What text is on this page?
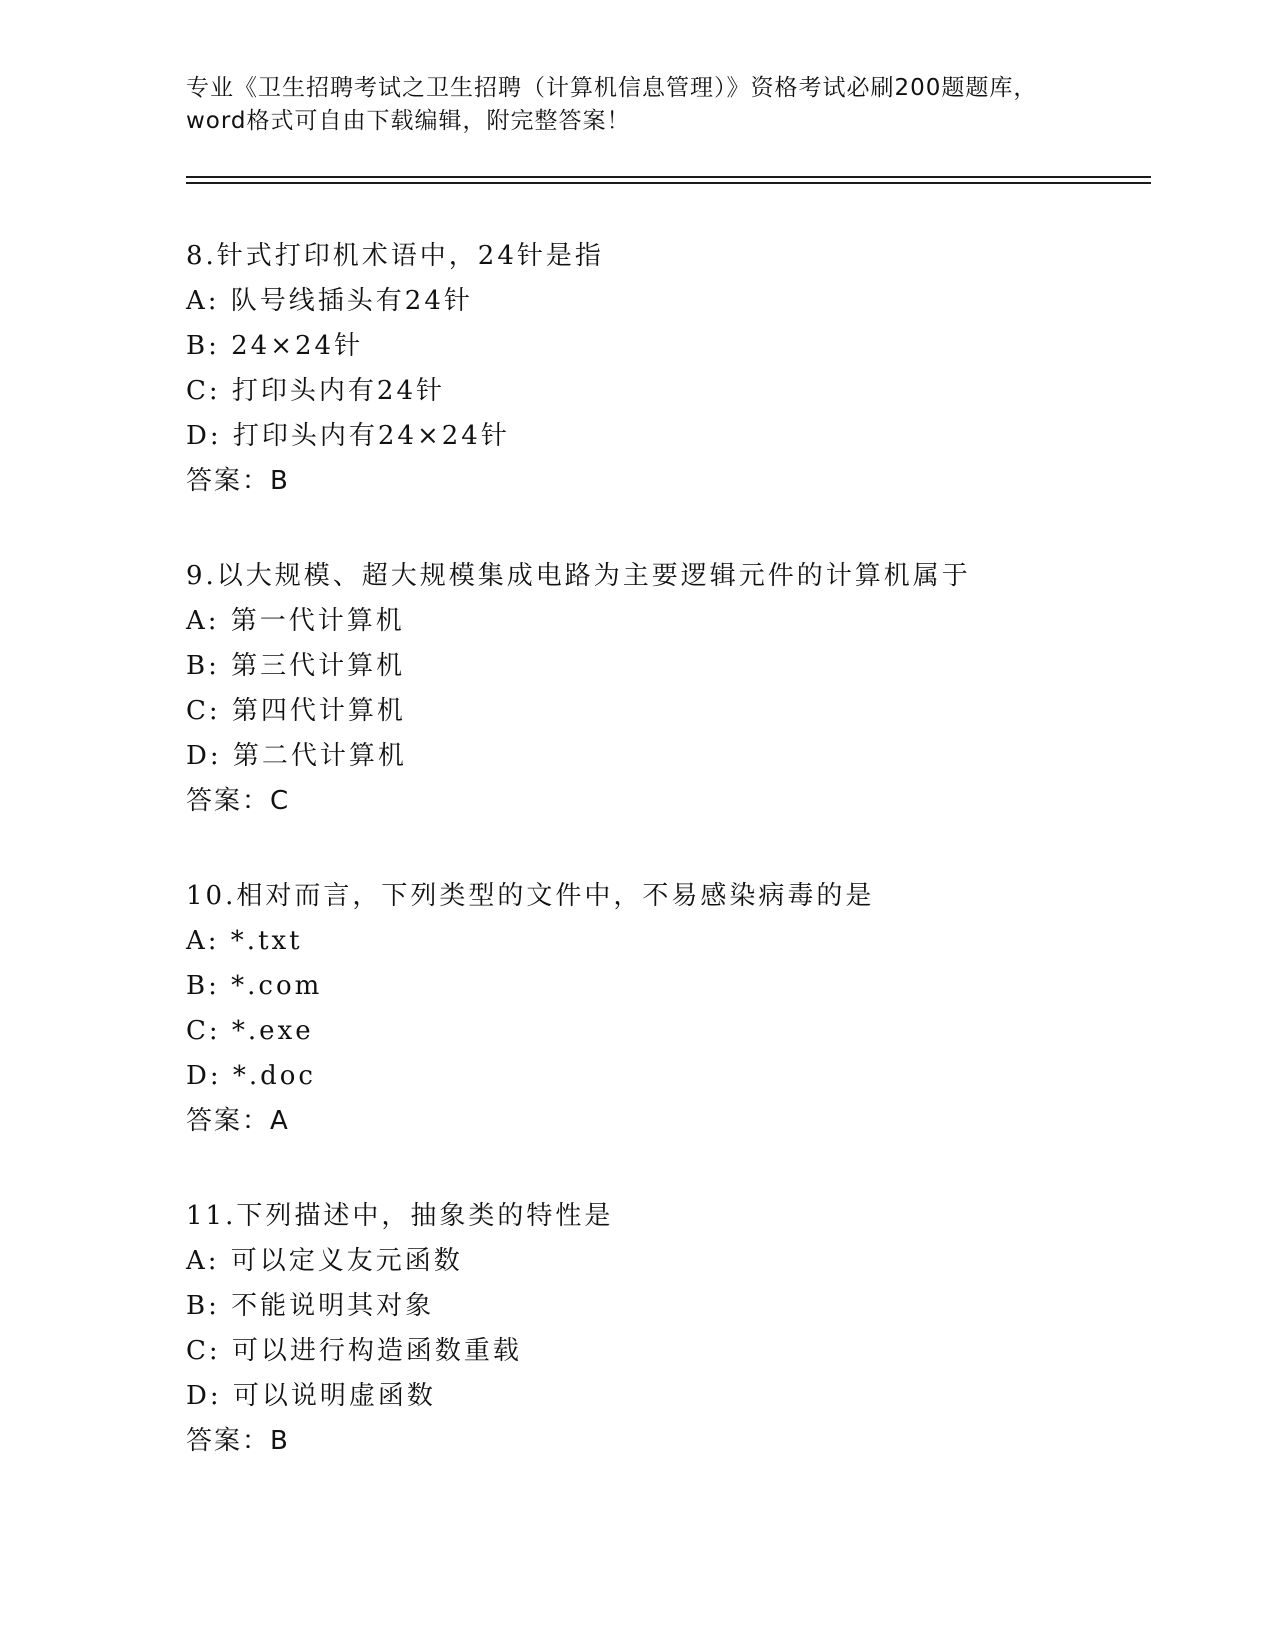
专业《卫生招聘考试之卫生招聘（计算机信息管理）》资格考试必刷200题题库，
word格式可自由下载编辑，附完整答案！
8.针式打印机术语中，24针是指
A: 队号线插头有24针
B: 24×24针
C: 打印头内有24针
D: 打印头内有24×24针
答案：B
9.以大规模、超大规模集成电路为主要逻辑元件的计算机属于
A: 第一代计算机
B: 第三代计算机
C: 第四代计算机
D: 第二代计算机
答案：C
10.相对而言，下列类型的文件中，不易感染病毒的是
A: *.txt
B: *.com
C: *.exe
D: *.doc
答案：A
11.下列描述中，抽象类的特性是
A: 可以定义友元函数
B: 不能说明其对象
C: 可以进行构造函数重载
D: 可以说明虚函数
答案：B
